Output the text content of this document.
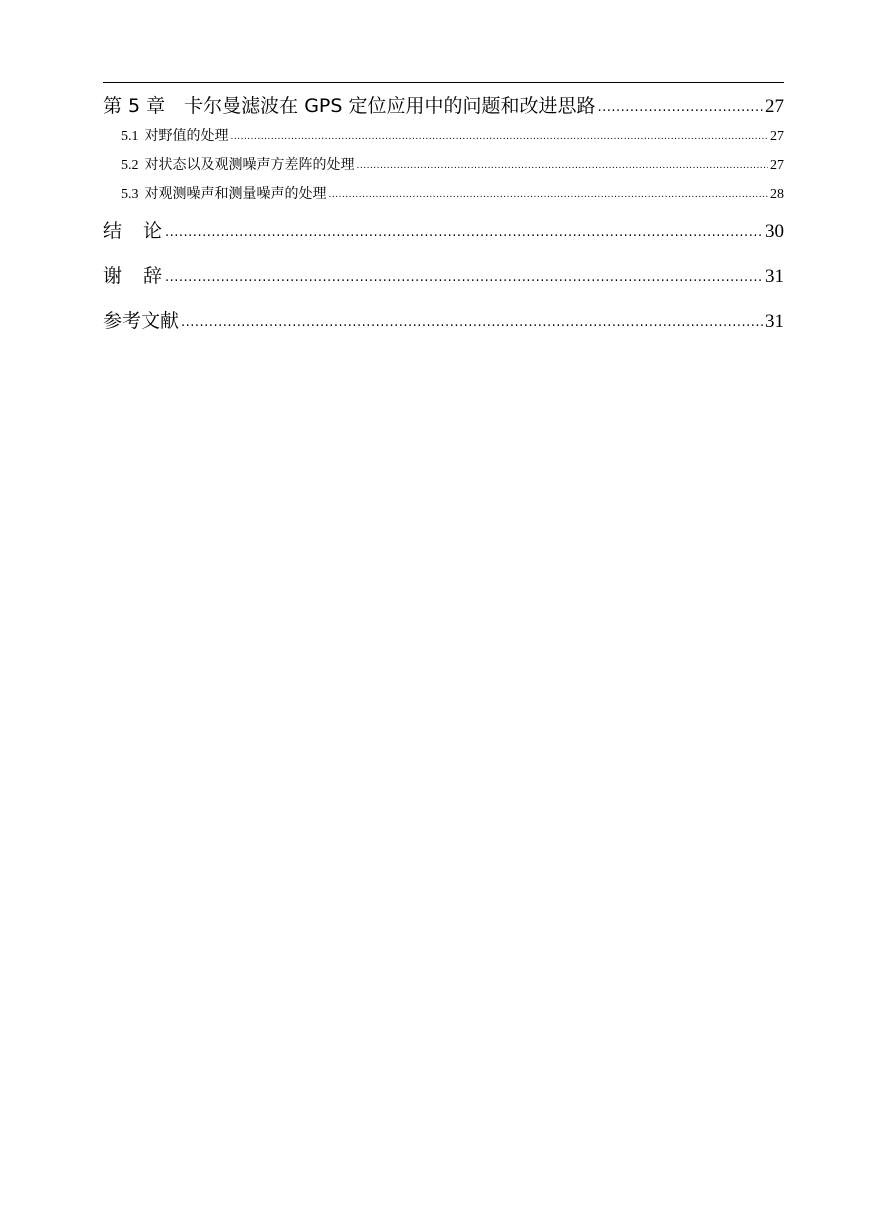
第 5 章　卡尔曼滤波在 GPS 定位应用中的问题和改进思路 .....	27
5.1 对野值的处理 .....	27
5.2 对状态以及观测噪声方差阵的处理 .....	27
5.3 对观测噪声和测量噪声的处理 .....	28
结　论 .....	30
谢　辞 .....	31
参考文献 .....	31
